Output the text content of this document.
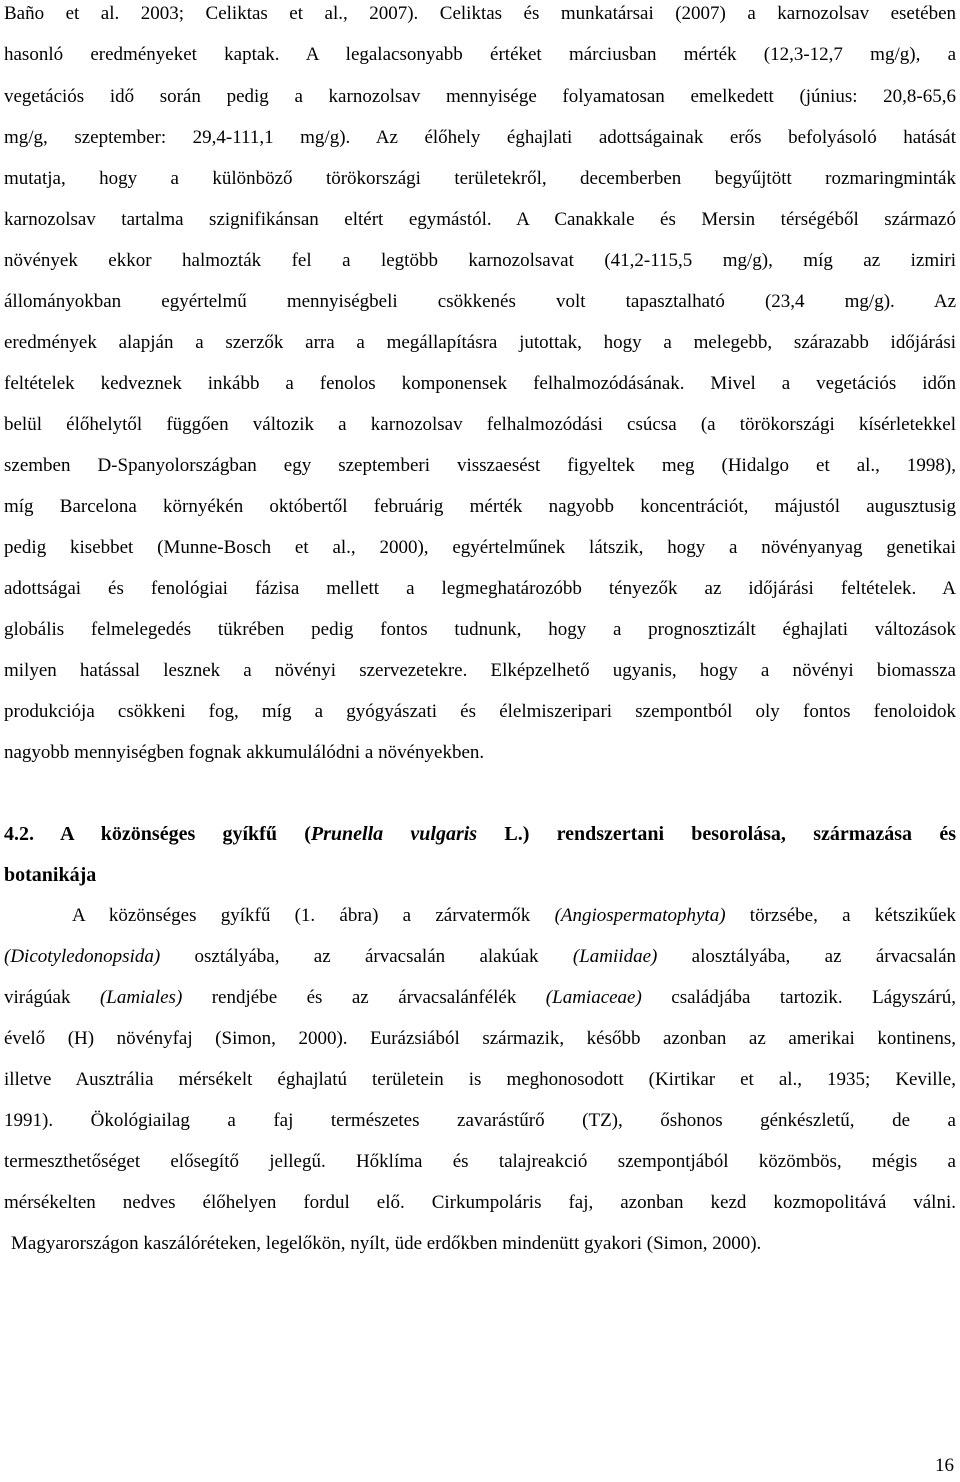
Baño et al. 2003; Celiktas et al., 2007). Celiktas és munkatársai (2007) a karnozolsav esetében
hasonló eredményeket kaptak. A legalacsonyabb értéket márciusban mérték (12,3-12,7 mg/g), a
vegetációs idő során pedig a karnozolsav mennyisége folyamatosan emelkedett (június: 20,8-65,6
mg/g, szeptember: 29,4-111,1 mg/g). Az élőhely éghajlati adottságainak erős befolyásoló hatását
mutatja, hogy a különböző törökországi területekről, decemberben begyűjtött rozmaringminták
karnozolsav tartalma szignifikánsan eltért egymástól. A Canakkale és Mersin térségéből származó
növények ekkor halmozták fel a legtöbb karnozolsavat (41,2-115,5 mg/g), míg az izmiri
állományokban egyértelmű mennyiségbeli csökkenés volt tapasztalható (23,4 mg/g). Az
eredmények alapján a szerzők arra a megállapításra jutottak, hogy a melegebb, szárazabb időjárási
feltételek kedveznek inkább a fenolos komponensek felhalmozódásának. Mivel a vegetációs időn
belül élőhelytől függően változik a karnozolsav felhalmozódási csúcsa (a törökországi kísérletekkel
szemben D-Spanyolországban egy szeptemberi visszaesést figyeltek meg (Hidalgo et al., 1998),
míg Barcelona környékén októbertől februárig mérték nagyobb koncentrációt, májustól augusztusig
pedig kisebbet (Munne-Bosch et al., 2000), egyértelműnek látszik, hogy a növényanyag genetikai
adottságai és fenológiai fázisa mellett a legmeghatározóbb tényezők az időjárási feltételek. A
globális felmelegedés tükrében pedig fontos tudnunk, hogy a prognosztizált éghajlati változások
milyen hatással lesznek a növényi szervezetekre. Elképzelhető ugyanis, hogy a növényi biomassza
produkciója csökkeni fog, míg a gyógyászati és élelmiszeripari szempontból oly fontos fenoloidok
nagyobb mennyiségben fognak akkumulálódni a növényekben.
4.2. A közönséges gyíkfű (Prunella vulgaris L.) rendszertani besorolása, származása és
botanikája
A közönséges gyíkfű (1. ábra) a zárvatermők (Angiospermatophyta) törzsébe, a kétszikűek
(Dicotyledonopsida) osztályába, az árvacsalán alakúak (Lamiidae) alosztályába, az árvacsalán
virágúak (Lamiales) rendjébe és az árvacsalánfélék (Lamiaceae) családjába tartozik. Lágyszárú,
évelő (H) növényfaj (Simon, 2000). Eurázsiából származik, később azonban az amerikai kontinens,
illetve Ausztrália mérsékelt éghajlatú területein is meghonosodott (Kirtikar et al., 1935; Keville,
1991). Ökológiailag a faj természetes zavarástűrő (TZ), őshonos génkészletű, de a
termeszthetőséget elősegítő jellegű. Hőklíma és talajreakció szempontjából közömbös, mégis a
mérsékelten nedves élőhelyen fordul elő. Cirkumpoláris faj, azonban kezd kozmopolitává válni.
Magyarországon kaszálóréteken, legelőkön, nyílt, üde erdőkben mindenütt gyakori (Simon, 2000).
16
